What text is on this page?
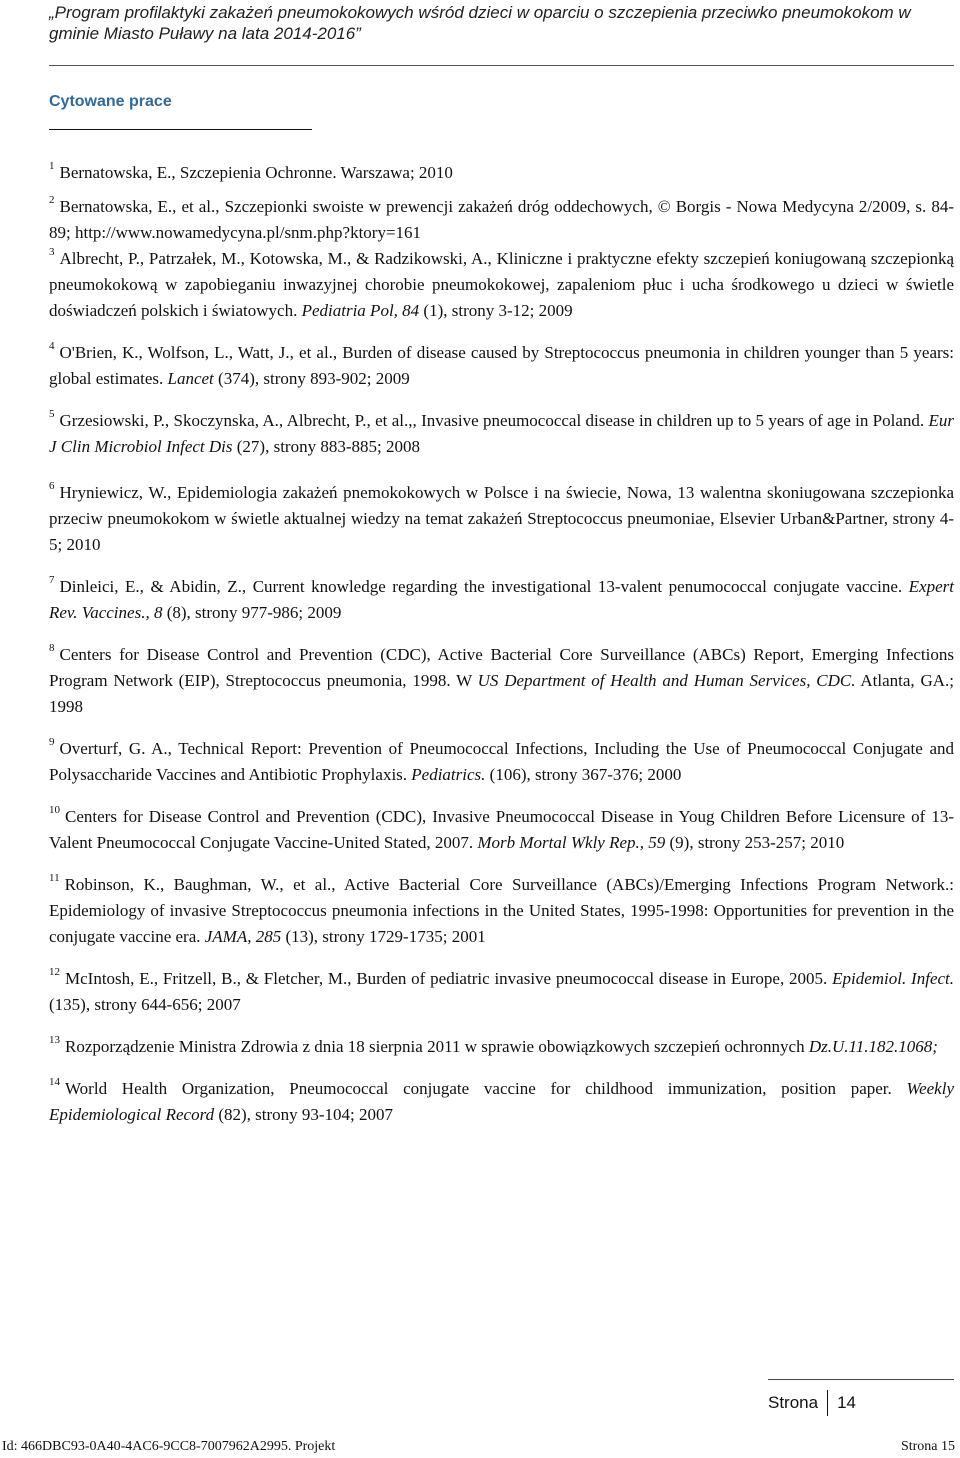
„Program profilaktyki zakażeń pneumokokowych wśród dzieci w oparciu o szczepienia przeciwko pneumokokom w gminie Miasto Puławy na lata 2014-2016”
Cytowane prace

$^1$ Bernatowska, E., Szczepienia Ochronne. Warszawa; 2010

$^2$ Bernatowska, E., et al., Szczepionki swoiste w prewencji zakażeń dróg oddechowych, © Borgis - Nowa Medycyna 2/2009, s. 84-89; http://www.nowamedycyna.pl/snm.php?ktory=161

$^3$ Albrecht, P., Patrzałek, M., Kotowska, M., & Radzikowski, A., Kliniczne i praktyczne efekty szczepień koniugowaną szczepionką pneumokokową w zapobieganiu inwazyjnej chorobie pneumokokowej, zapaleniom płuc i ucha środkowego u dzieci w świetle doświadczeń polskich i światowych. Pediatria Pol, 84 (1), strony 3-12; 2009

$^4$ O'Brien, K., Wolfson, L., Watt, J., et al., Burden of disease caused by Streptococcus pneumonia in children younger than 5 years: global estimates. Lancet (374), strony 893-902; 2009

$^5$ Grzesiowski, P., Skoczynska, A., Albrecht, P., et al.,, Invasive pneumococcal disease in children up to 5 years of age in Poland. Eur J Clin Microbiol Infect Dis (27), strony 883-885; 2008

$^6$ Hryniewicz, W., Epidemiologia zakażeń pnemokokowych w Polsce i na świecie, Nowa, 13 walentna skoniugowana szczepionka przeciw pneumokokom w świetle aktualnej wiedzy na temat zakażeń Streptococcus pneumoniae, Elsevier Urban&Partner, strony 4-5; 2010

$^7$ Dinleici, E., & Abidin, Z., Current knowledge regarding the investigational 13-valent penumococcal conjugate vaccine. Expert Rev. Vaccines., 8 (8), strony 977-986; 2009

$^8$ Centers for Disease Control and Prevention (CDC), Active Bacterial Core Surveillance (ABCs) Report, Emerging Infections Program Network (EIP), Streptococcus pneumonia, 1998. W US Department of Health and Human Services, CDC. Atlanta, GA.; 1998

$^9$ Overturf, G. A., Technical Report: Prevention of Pneumococcal Infections, Including the Use of Pneumococcal Conjugate and Polysaccharide Vaccines and Antibiotic Prophylaxis. Pediatrics. (106), strony 367-376; 2000

$^{10}$ Centers for Disease Control and Prevention (CDC), Invasive Pneumococcal Disease in Youg Children Before Licensure of 13-Valent Pneumococcal Conjugate Vaccine-United Stated, 2007. Morb Mortal Wkly Rep., 59 (9), strony 253-257; 2010

$^{11}$ Robinson, K., Baughman, W., et al., Active Bacterial Core Surveillance (ABCs)/Emerging Infections Program Network.: Epidemiology of invasive Streptococcus pneumonia infections in the United States, 1995-1998: Opportunities for prevention in the conjugate vaccine era. JAMA, 285 (13), strony 1729-1735; 2001

$^{12}$ McIntosh, E., Fritzell, B., & Fletcher, M., Burden of pediatric invasive pneumococcal disease in Europe, 2005. Epidemiol. Infect. (135), strony 644-656; 2007

$^{13}$ Rozporządzenie Ministra Zdrowia z dnia 18 sierpnia 2011 w sprawie obowiązkowych szczepień ochronnych Dz.U.11.182.1068;

$^{14}$ World Health Organization, Pneumococcal conjugate vaccine for childhood immunization, position paper. Weekly Epidemiological Record (82), strony 93-104; 2007

Strona 14
Id: 466DBC93-0A40-4AC6-9CC8-7007962A2995. Projekt	Strona 15
